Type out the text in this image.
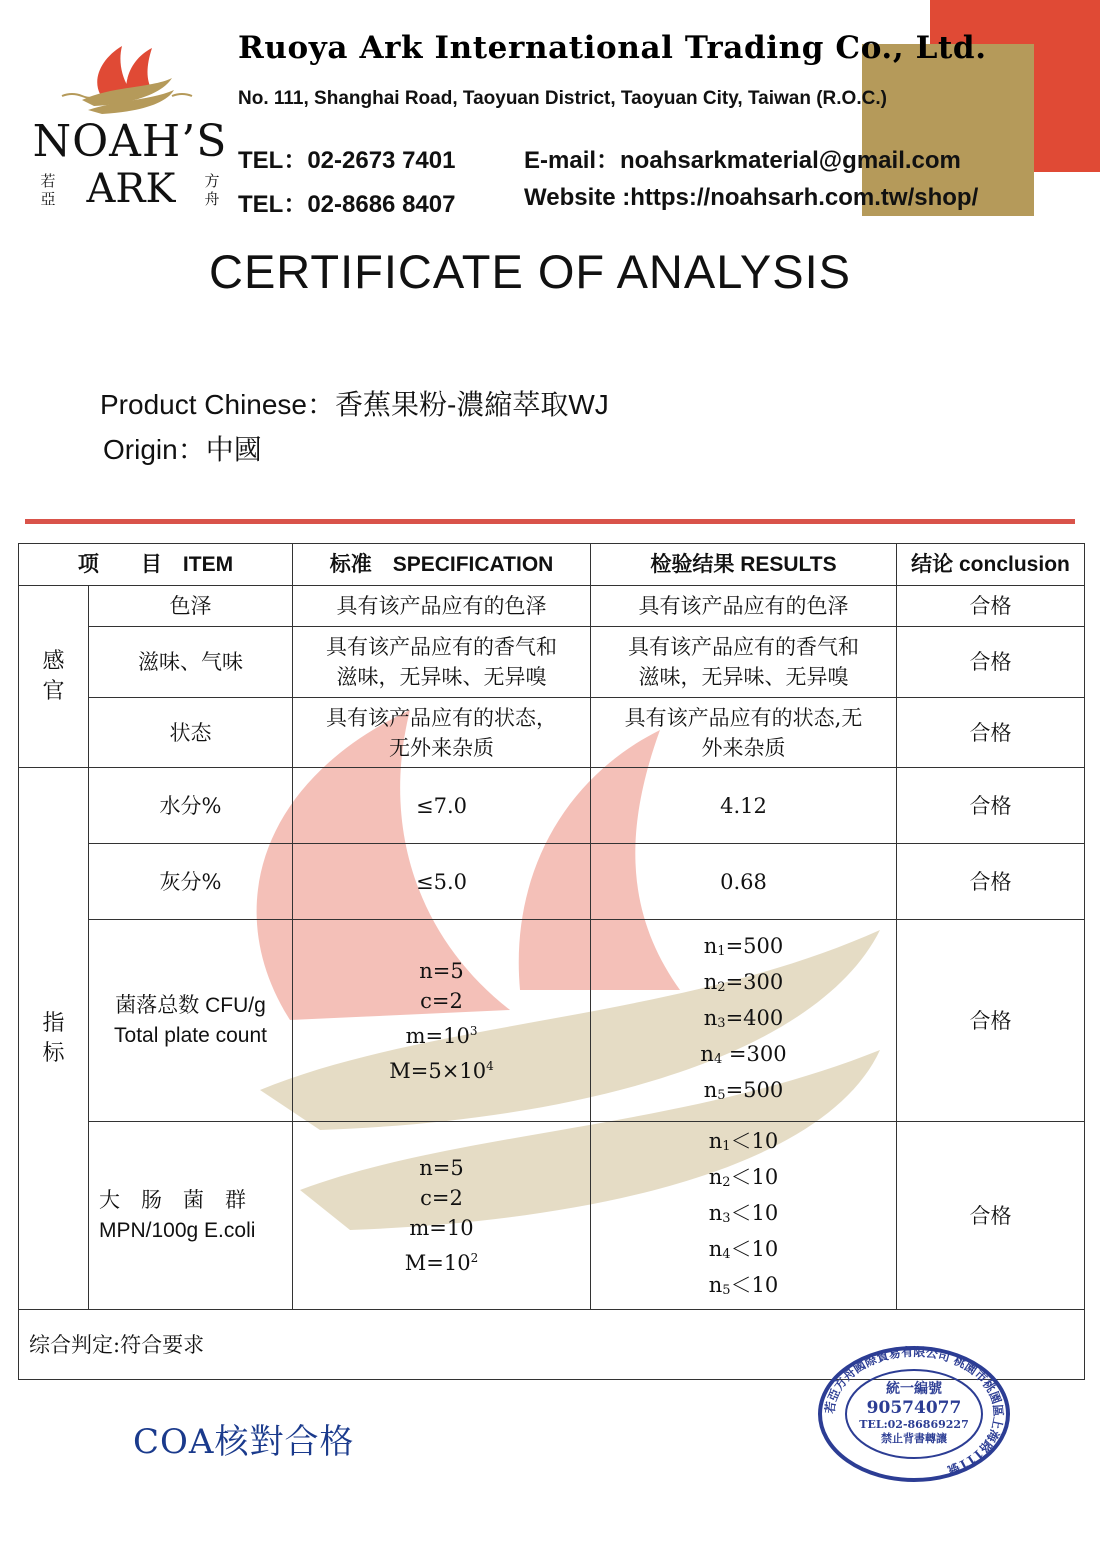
NOAH’S
若亞 ARK	方舟
Ruoya Ark International Trading Co., Ltd.
No. 111, Shanghai Road, Taoyuan District, Taoyuan City, Taiwan (R.O.C.)
TEL：02-2673 7401
TEL：02-8686 8407
E-mail：noahsarkmaterial@gmail.com
Website :https://noahsarh.com.tw/shop/
CERTIFICATE OF ANALYSIS
Product Chinese：香蕉果粉-濃縮萃取WJ
Origin：中國
项　　目　ITEM		标准　SPECIFICATION	检验结果 RESULTS	结论 conclusion
感
官	色泽	具有该产品应有的色泽	具有该产品应有的色泽	合格
	滋味、气味	具有该产品应有的香气和
滋味，无异味、无异嗅	具有该产品应有的香气和
滋味，无异味、无异嗅	合格
	状态	具有该产品应有的状态，
无外来杂质	具有该产品应有的状态,无
外来杂质	合格
指
标	水分%	≤7.0	4.12	合格
	灰分%	≤5.0	0.68	合格
	菌落总数 CFU/g
Total plate count	n=5
c=2
$m=10^3$
$M=5\times 10^4$	n1=500
n2=300
n3=400
n4 =300
n5=500	合格
	大　肠　菌　群
MPN/100g E.coli	n=5
c=2
m=10
$M=10^2$	n1＜10
n2＜10
n3＜10
n4＜10
n5＜10	合格
综合判定:符合要求				
COA核對合格
若亞方舟國際貿易有限公司 桃園市桃園區上海路111號
統一編號
90574077
TEL:02-86869227
禁止背書轉讓
